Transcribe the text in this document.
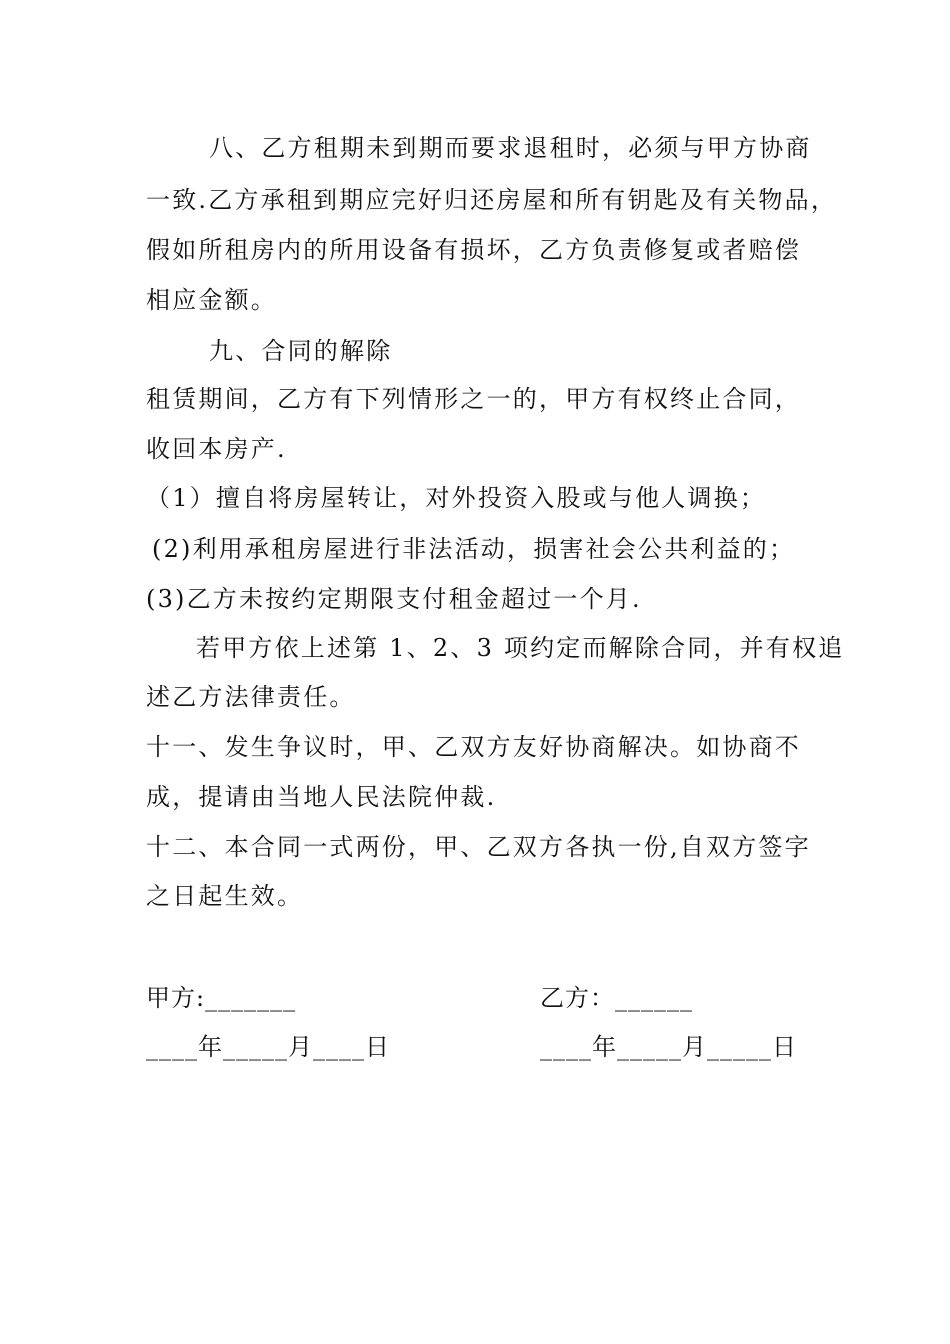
八、乙方租期未到期而要求退租时，必须与甲方协商
一致.乙方承租到期应完好归还房屋和所有钥匙及有关物品，
假如所租房内的所用设备有损坏，乙方负责修复或者赔偿
相应金额。
九、合同的解除
租赁期间，乙方有下列情形之一的，甲方有权终止合同，
收回本房产.
（1）擅自将房屋转让，对外投资入股或与他人调换；
(2)利用承租房屋进行非法活动，损害社会公共利益的；
(3)乙方未按约定期限支付租金超过一个月.
若甲方依上述第 1、2、3 项约定而解除合同，并有权追
述乙方法律责任。
十一、发生争议时，甲、乙双方友好协商解决。如协商不
成，提请由当地人民法院仲裁.
十二、本合同一式两份，甲、乙双方各执一份,自双方签字
之日起生效。
甲方:_______	乙方：______
____年_____月____日	____年_____月_____日
